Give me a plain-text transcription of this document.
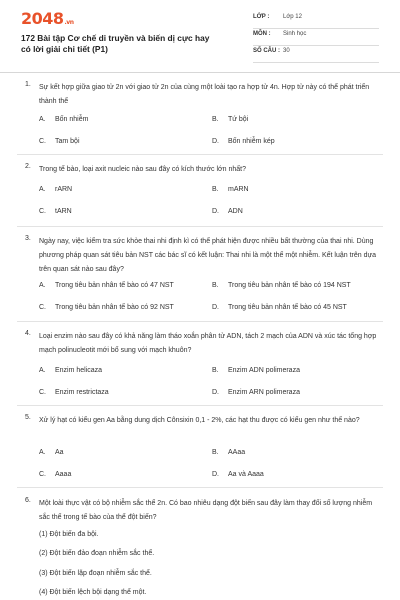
2048.vn
172 Bài tập Cơ chế di truyền và biến dị cực hay có lời giải chi tiết (P1)
LỚP : Lớp 12
MÔN : Sinh học
SỐ CÂU : 30
1. Sự kết hợp giữa giao tử 2n với giao tử 2n của cùng một loài tạo ra hợp tử 4n. Hợp tử này có thể phát triển thành thể
A. Bốn nhiễm	B. Tứ bội
C. Tam bội	D. Bốn nhiễm kép
2. Trong tế bào, loại axit nucleic nào sau đây có kích thước lớn nhất?
A. rARN	B. mARN
C. tARN	D. ADN
3. Ngày nay, việc kiểm tra sức khỏe thai nhi định kì có thể phát hiện được nhiều bất thường của thai nhi. Dùng phương pháp quan sát tiêu bản NST các bác sĩ có kết luận: Thai nhi là một thể một nhiễm. Kết luận trên dựa trên quan sát nào sau đây?
A. Trong tiêu bản nhân tế bào có 47 NST	B. Trong tiêu bản nhân tế bào có 194 NST
C. Trong tiêu bản nhân tế bào có 92 NST	D. Trong tiêu bản nhân tế bào có 45 NST
4. Loại enzim nào sau đây có khả năng làm tháo xoắn phân tử ADN, tách 2 mạch của ADN và xúc tác tổng hợp mạch polinucleotit mới bổ sung với mạch khuôn?
A. Enzim helicaza	B. Enzim ADN polimeraza
C. Enzim restrictaza	D. Enzim ARN polimeraza
5. Xử lý hạt có kiểu gen Aa bằng dung dịch Cônsixin 0,1 - 2%, các hạt thu được có kiểu gen như thế nào?
A. Aa	B. AAaa
C. Aaaa	D. Aa và Aaaa
6. Một loài thực vật có bộ nhiễm sắc thể 2n. Có bao nhiêu dạng đột biến sau đây làm thay đổi số lượng nhiễm sắc thể trong tế bào của thể đột biến?
(1) Đột biến đa bội.
(2) Đột biến đảo đoạn nhiễm sắc thể.
(3) Đột biến lặp đoạn nhiễm sắc thể.
(4) Đột biến lệch bội dạng thể một.
